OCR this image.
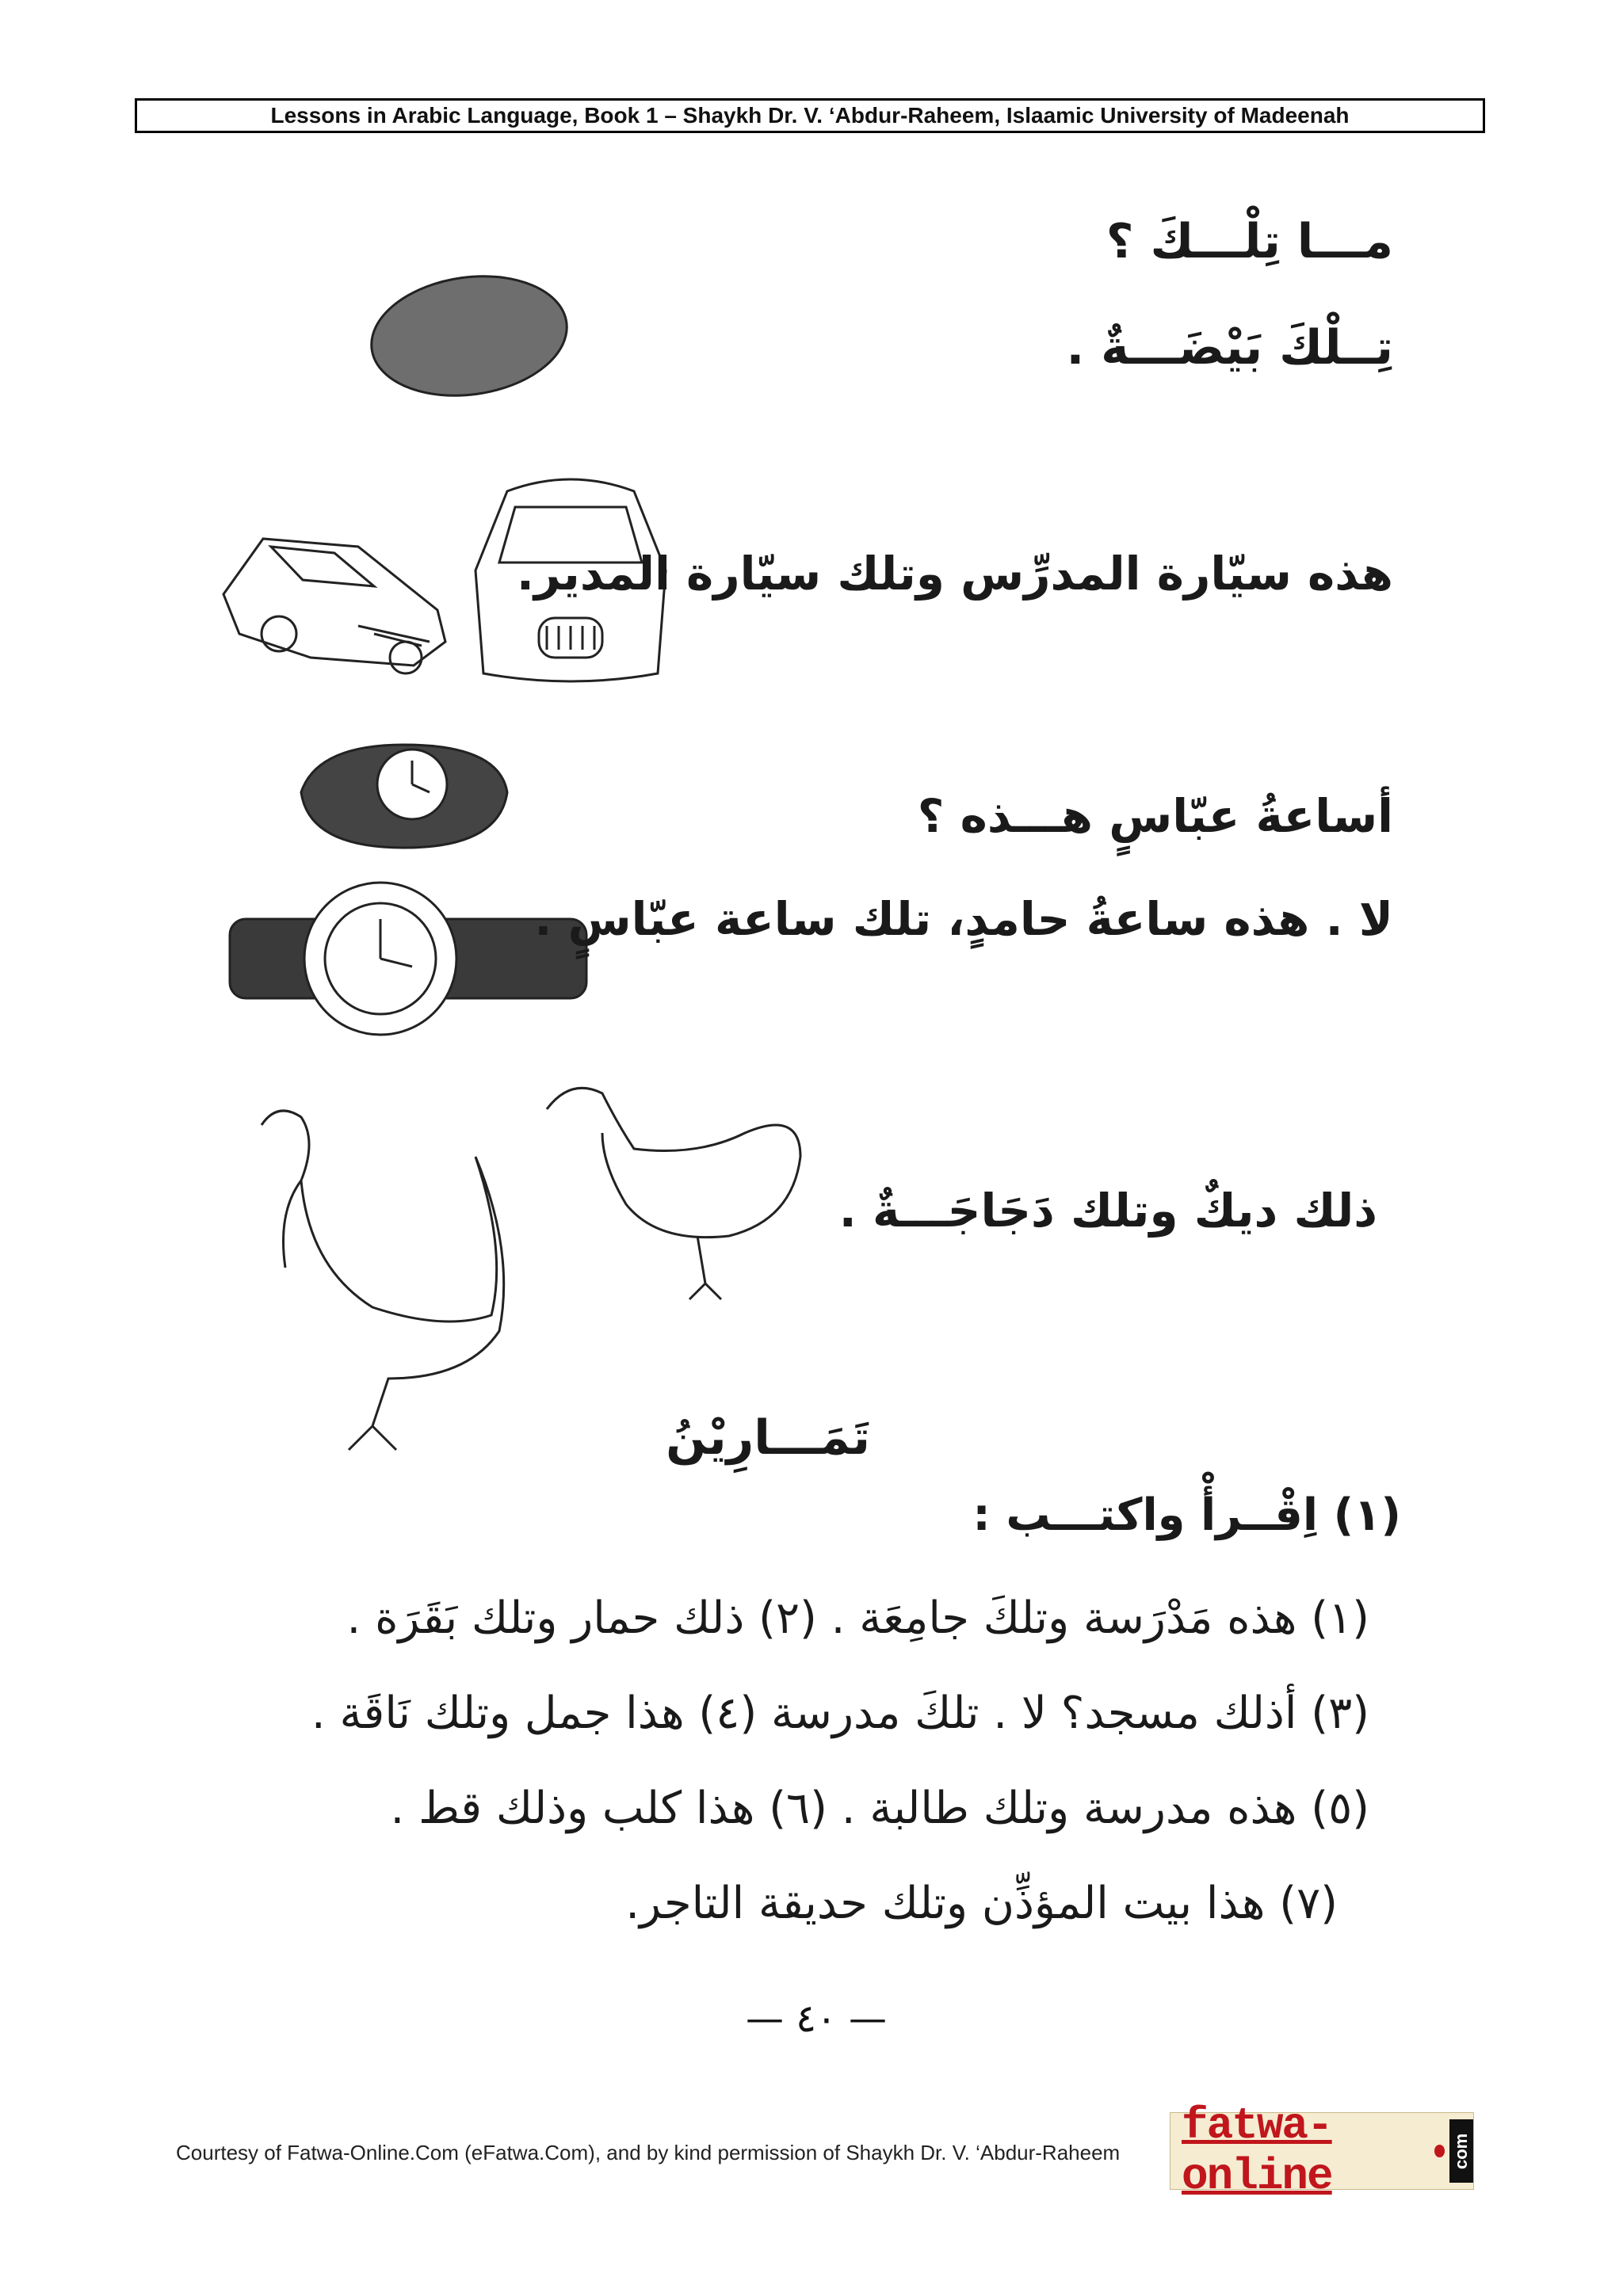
Lessons in Arabic Language, Book 1 – Shaykh Dr. V. ‘Abdur-Raheem, Islaamic University of Madeenah
مـــا تِلْـــكَ ؟
تِــلْكَ بَيْضَـــةٌ .
هذه سيّارة المدرِّس وتلك سيّارة المدير.
أساعةُ عبّاسٍ هـــذه ؟
لا . هذه ساعةُ حامدٍ، تلك ساعة عبّاسٍ .
ذلك ديكٌ وتلك دَجَاجَـــةٌ .
تَمَـــارِيْنُ
(١) اِقْــرأْ واكتـــب :
(١) هذه مَدْرَسة وتلكَ جامِعَة . (٢) ذلك حمار وتلك بَقَرَة .
(٣) أذلك مسجد؟ لا . تلكَ مدرسة (٤) هذا جمل وتلك نَاقَة .
(٥) هذه مدرسة وتلك طالبة . (٦) هذا كلب وذلك قط .
(٧) هذا بيت المؤذِّن وتلك حديقة التاجر.
— ٤٠ —
Courtesy of Fatwa-Online.Com (eFatwa.Com), and by kind permission of Shaykh Dr. V. ‘Abdur-Raheem
fatwa-online	com
